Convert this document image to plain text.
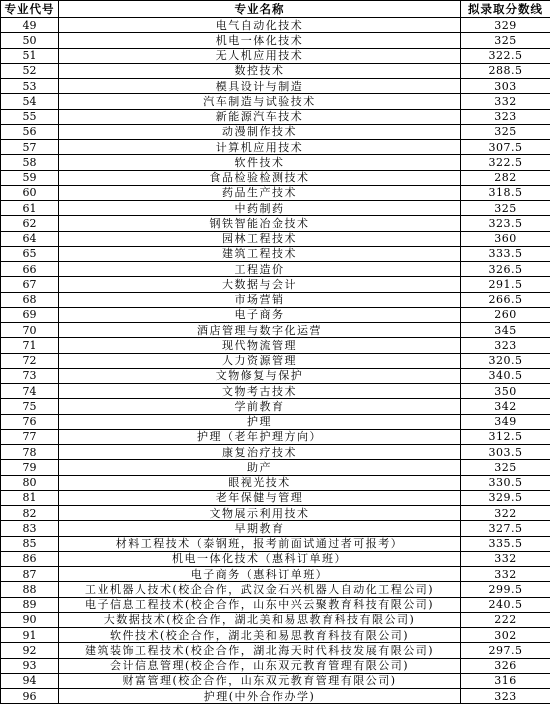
专业代号	专业名称	拟录取分数线
49	电气自动化技术	329
50	机电一体化技术	325
51	无人机应用技术	322.5
52	数控技术	288.5
53	模具设计与制造	303
54	汽车制造与试验技术	332
55	新能源汽车技术	323
56	动漫制作技术	325
57	计算机应用技术	307.5
58	软件技术	322.5
59	食品检验检测技术	282
60	药品生产技术	318.5
61	中药制药	325
62	钢铁智能冶金技术	323.5
64	园林工程技术	360
65	建筑工程技术	333.5
66	工程造价	326.5
67	大数据与会计	291.5
68	市场营销	266.5
69	电子商务	260
70	酒店管理与数字化运营	345
71	现代物流管理	323
72	人力资源管理	320.5
73	文物修复与保护	340.5
74	文物考古技术	350
75	学前教育	342
76	护理	349
77	护理（老年护理方向）	312.5
78	康复治疗技术	303.5
79	助产	325
80	眼视光技术	330.5
81	老年保健与管理	329.5
82	文物展示利用技术	322
83	早期教育	327.5
85	材料工程技术（泰钢班，报考前面试通过者可报考）	335.5
86	机电一体化技术（惠科订单班）	332
87	电子商务（惠科订单班）	332
88	工业机器人技术(校企合作，武汉金石兴机器人自动化工程公司)	299.5
89	电子信息工程技术(校企合作，山东中兴云聚教育科技有限公司)	240.5
90	大数据技术(校企合作，湖北美和易思教育科技有限公司)	222
91	软件技术(校企合作，湖北美和易思教育科技有限公司)	302
92	建筑装饰工程技术(校企合作，湖北海天时代科技发展有限公司)	297.5
93	会计信息管理(校企合作，山东双元教育管理有限公司)	326
94	财富管理(校企合作，山东双元教育管理有限公司)	316
96	护理(中外合作办学)	323
